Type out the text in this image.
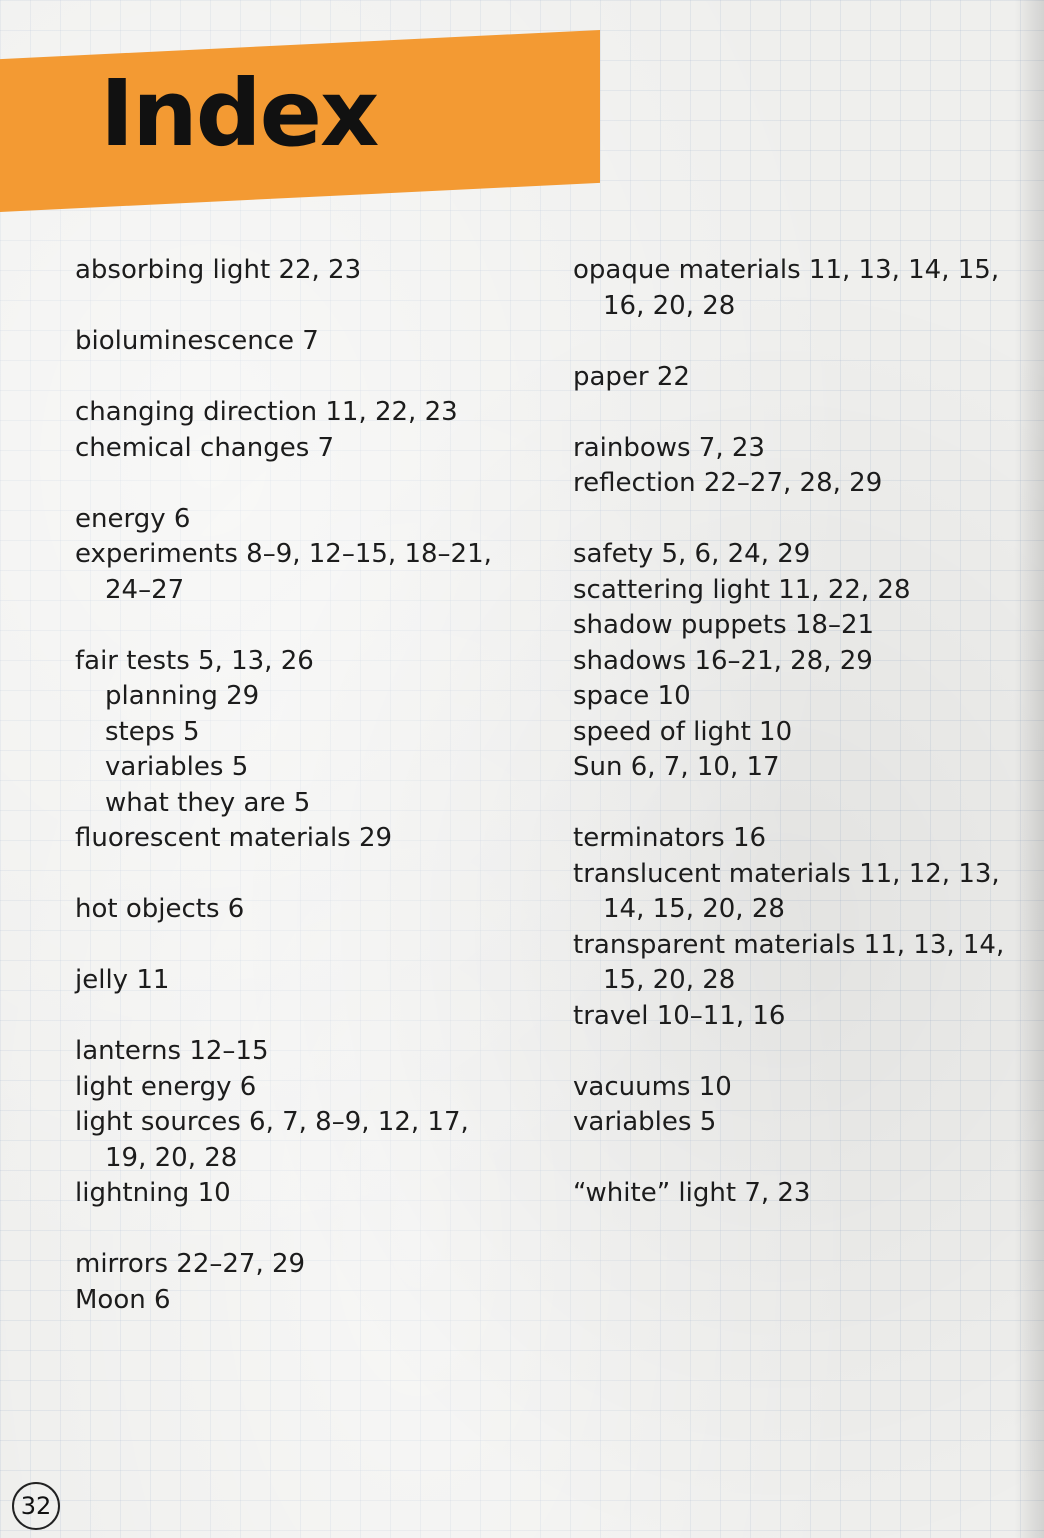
Index
absorbing light 22, 23
bioluminescence 7
changing direction 11, 22, 23
chemical changes 7
energy 6
experiments 8–9, 12–15, 18–21, 24–27
fair tests 5, 13, 26
planning 29
steps 5
variables 5
what they are 5
fluorescent materials 29
hot objects 6
jelly 11
lanterns 12–15
light energy 6
light sources 6, 7, 8–9, 12, 17, 19, 20, 28
lightning 10
mirrors 22–27, 29
Moon 6
opaque materials 11, 13, 14, 15, 16, 20, 28
paper 22
rainbows 7, 23
reflection 22–27, 28, 29
safety 5, 6, 24, 29
scattering light 11, 22, 28
shadow puppets 18–21
shadows 16–21, 28, 29
space 10
speed of light 10
Sun 6, 7, 10, 17
terminators 16
translucent materials 11, 12, 13, 14, 15, 20, 28
transparent materials 11, 13, 14, 15, 20, 28
travel 10–11, 16
vacuums 10
variables 5
“white” light 7, 23
32
